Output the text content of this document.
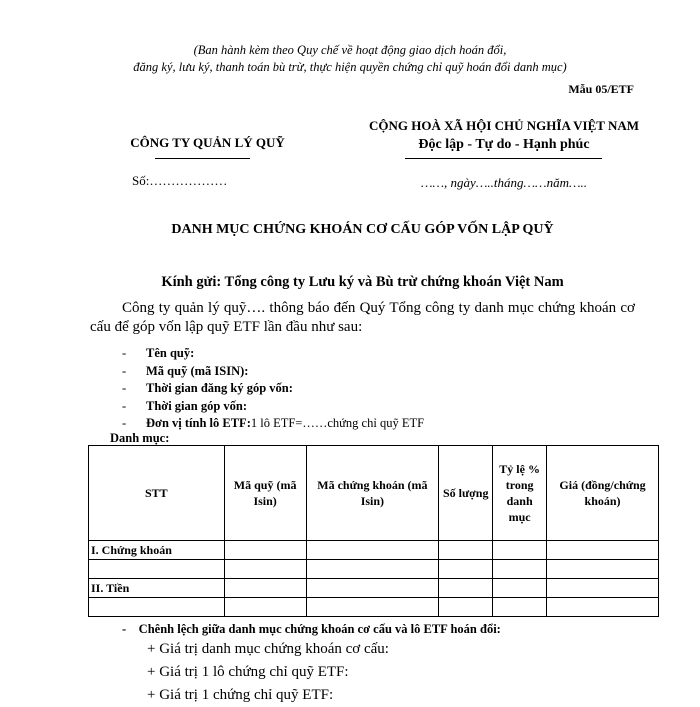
(Ban hành kèm theo Quy chế về hoạt động giao dịch hoán đổi,
đăng ký, lưu ký, thanh toán bù trừ, thực hiện quyền chứng chỉ quỹ hoán đổi danh mục)
Mẫu 05/ETF
CÔNG TY QUẢN LÝ QUỸ
Số:………………
CỘNG HOÀ XÃ HỘI CHỦ NGHĨA VIỆT NAM
Độc lập - Tự do - Hạnh phúc
……, ngày…..tháng……năm…..
DANH MỤC CHỨNG KHOÁN CƠ CẤU GÓP VỐN LẬP QUỸ
Kính gửi: Tổng công ty Lưu ký và Bù trừ chứng khoán Việt Nam
Công ty quản lý quỹ…. thông báo đến Quý Tổng công ty danh mục chứng khoán cơ cấu để góp vốn lập quỹ ETF lần đầu như sau:
- Tên quỹ:
- Mã quỹ (mã ISIN):
- Thời gian đăng ký góp vốn:
- Thời gian góp vốn:
- Đơn vị tính lô ETF:1 lô ETF=……chứng chỉ quỹ ETF
Danh mục:
STT	Mã quỹ (mã Isin)	Mã chứng khoán (mã Isin)	Số lượng	Tỷ lệ % trong danh mục	Giá (đồng/chứng khoán)
I. Chứng khoán					

II. Tiền					

- Chênh lệch giữa danh mục chứng khoán cơ cấu và lô ETF hoán đổi:
+ Giá trị danh mục chứng khoán cơ cấu:
+ Giá trị 1 lô chứng chỉ quỹ ETF:
+ Giá trị 1 chứng chỉ quỹ ETF:
